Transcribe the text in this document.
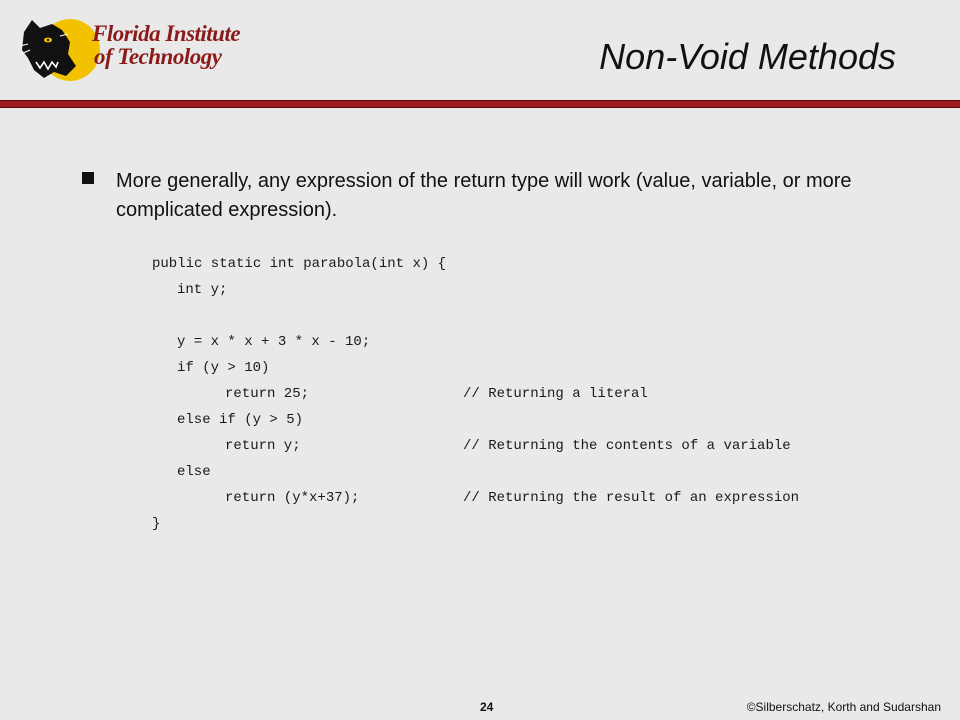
Florida Institute
of Technology	Non-Void Methods
More generally, any expression of the return type will work (value, variable, or more complicated expression).

public static int parabola(int x) {

int y;

y = x * x + 3 * x - 10;

if (y > 10)

return 25;

	// Returning a literal

else if (y > 5)

return y;

	// Returning the contents of a variable

else

return (y*x+37);

	// Returning the result of an expression

}

24	©Silberschatz, Korth and Sudarshan
